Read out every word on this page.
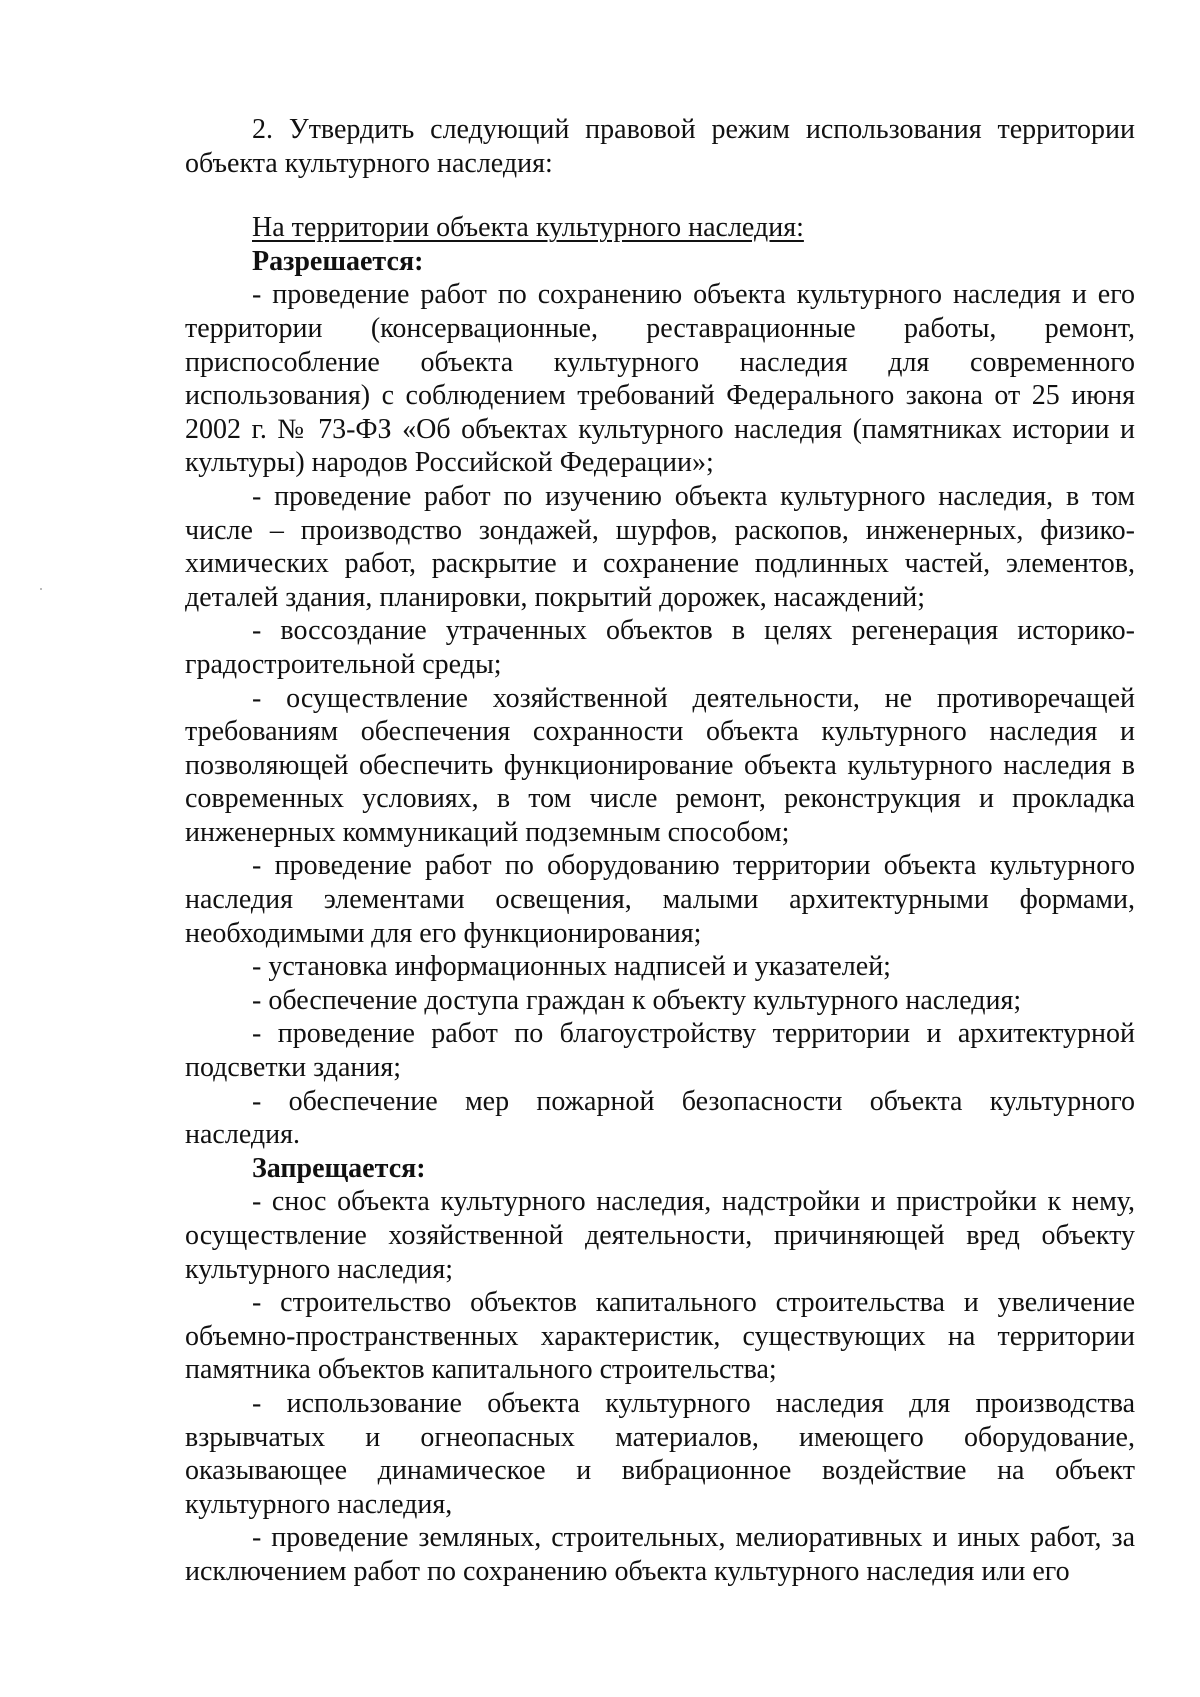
2. Утвердить следующий правовой режим использования территории объекта культурного наследия:

На территории объекта культурного наследия:

Разрешается:

- проведение работ по сохранению объекта культурного наследия и его территории (консервационные, реставрационные работы, ремонт, приспособление объекта культурного наследия для современного использования) с соблюдением требований Федерального закона от 25 июня 2002 г. № 73-ФЗ «Об объектах культурного наследия (памятниках истории и культуры) народов Российской Федерации»;

- проведение работ по изучению объекта культурного наследия, в том числе – производство зондажей, шурфов, раскопов, инженерных, физико-химических работ, раскрытие и сохранение подлинных частей, элементов, деталей здания, планировки, покрытий дорожек, насаждений;

- воссоздание утраченных объектов в целях регенерация историко-градостроительной среды;

- осуществление хозяйственной деятельности, не противоречащей требованиям обеспечения сохранности объекта культурного наследия и позволяющей обеспечить функционирование объекта культурного наследия в современных условиях, в том числе ремонт, реконструкция и прокладка инженерных коммуникаций подземным способом;

- проведение работ по оборудованию территории объекта культурного наследия элементами освещения, малыми архитектурными формами, необходимыми для его функционирования;

- установка информационных надписей и указателей;

- обеспечение доступа граждан к объекту культурного наследия;

- проведение работ по благоустройству территории и архитектурной подсветки здания;

- обеспечение мер пожарной безопасности объекта культурного наследия.

Запрещается:

- снос объекта культурного наследия, надстройки и пристройки к нему, осуществление хозяйственной деятельности, причиняющей вред объекту культурного наследия;

- строительство объектов капитального строительства и увеличение объемно-пространственных характеристик, существующих на территории памятника объектов капитального строительства;

- использование объекта культурного наследия для производства взрывчатых и огнеопасных материалов, имеющего оборудование, оказывающее динамическое и вибрационное воздействие на объект культурного наследия,

- проведение земляных, строительных, мелиоративных и иных работ, за исключением работ по сохранению объекта культурного наследия или его
